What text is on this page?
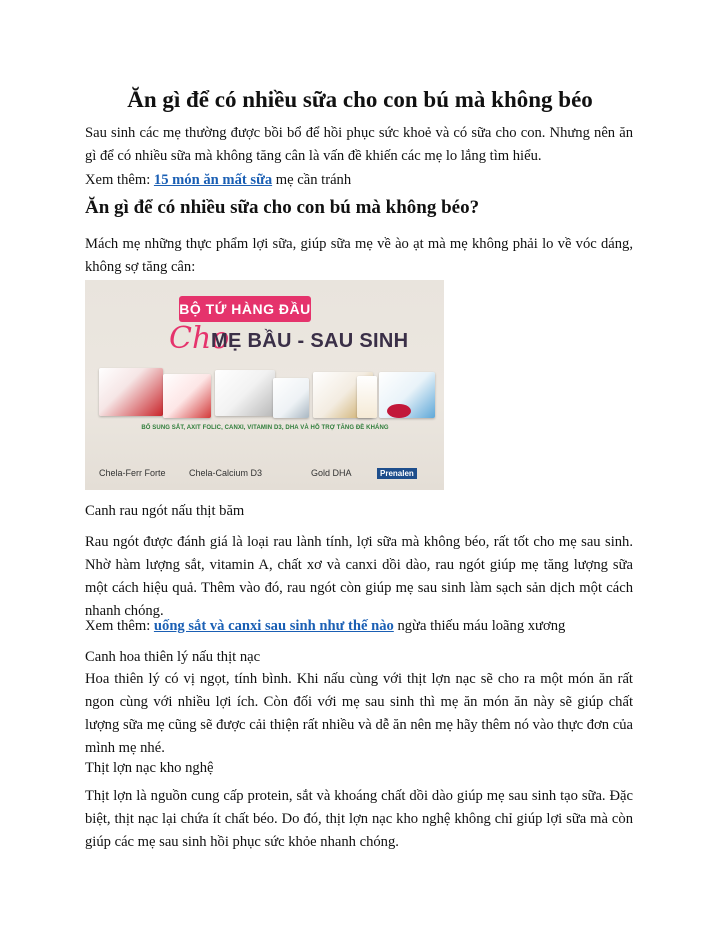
Ăn gì để có nhiều sữa cho con bú mà không béo
Sau sinh các mẹ thường được bồi bổ để hồi phục sức khoẻ và có sữa cho con. Nhưng nên ăn gì để có nhiều sữa mà không tăng cân là vấn đề khiến các mẹ lo lắng tìm hiểu.
Xem thêm: 15 món ăn mất sữa mẹ cần tránh
Ăn gì để có nhiều sữa cho con bú mà không béo?
Mách mẹ những thực phẩm lợi sữa, giúp sữa mẹ về ào ạt mà mẹ không phải lo về vóc dáng, không sợ tăng cân:
BỘ TỨ HÀNG ĐẦU
Cho
MẸ BẦU - SAU SINH
BỔ SUNG SẮT, AXIT FOLIC, CANXI, VITAMIN D3, DHA VÀ HỖ TRỢ TĂNG ĐỀ KHÁNG
Chela-Ferr Forte	Chela-Calcium D3	Gold DHA	Prenalen
Canh rau ngót nấu thịt băm
Rau ngót được đánh giá là loại rau lành tính, lợi sữa mà không béo, rất tốt cho mẹ sau sinh. Nhờ hàm lượng sắt, vitamin A, chất xơ và canxi dồi dào, rau ngót giúp mẹ tăng lượng sữa một cách hiệu quả. Thêm vào đó, rau ngót còn giúp mẹ sau sinh làm sạch sản dịch một cách nhanh chóng.
Xem thêm: uống sắt và canxi sau sinh như thế nào ngừa thiếu máu loãng xương
Canh hoa thiên lý nấu thịt nạc
Hoa thiên lý có vị ngọt, tính bình. Khi nấu cùng với thịt lợn nạc sẽ cho ra một món ăn rất ngon cùng với nhiều lợi ích. Còn đối với mẹ sau sinh thì mẹ ăn món ăn này sẽ giúp chất lượng sữa mẹ cũng sẽ được cải thiện rất nhiều và dễ ăn nên mẹ hãy thêm nó vào thực đơn của mình mẹ nhé.
Thịt lợn nạc kho nghệ
Thịt lợn là nguồn cung cấp protein, sắt và khoáng chất dồi dào giúp mẹ sau sinh tạo sữa. Đặc biệt, thịt nạc lại chứa ít chất béo. Do đó, thịt lợn nạc kho nghệ không chỉ giúp lợi sữa mà còn giúp các mẹ sau sinh hồi phục sức khỏe nhanh chóng.
